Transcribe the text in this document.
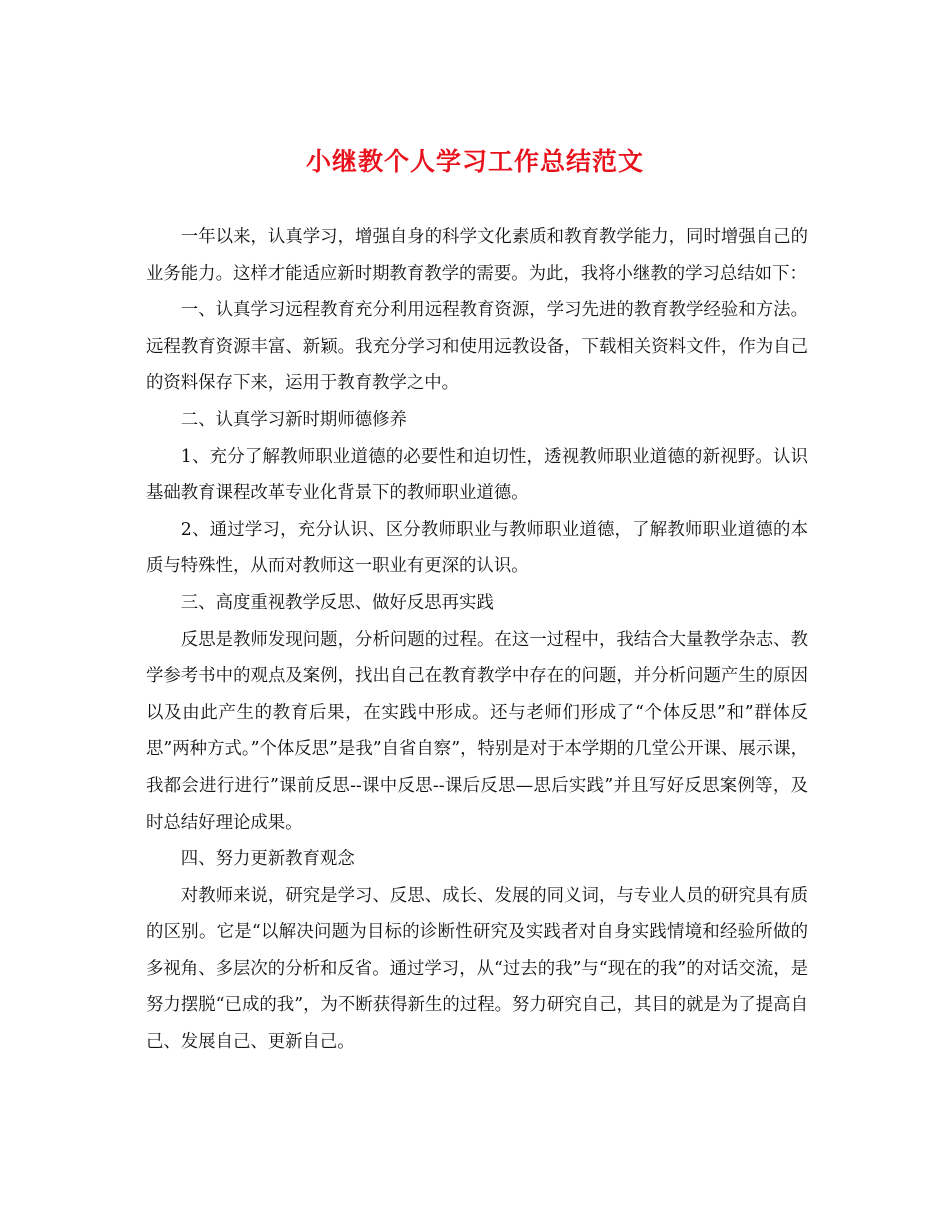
小继教个人学习工作总结范文

一年以来，认真学习，增强自身的科学文化素质和教育教学能力，同时增强自己的业务能力。这样才能适应新时期教育教学的需要。为此，我将小继教的学习总结如下：

一、认真学习远程教育充分利用远程教育资源，学习先进的教育教学经验和方法。远程教育资源丰富、新颖。我充分学习和使用远教设备，下载相关资料文件，作为自己的资料保存下来，运用于教育教学之中。

二、认真学习新时期师德修养

1、充分了解教师职业道德的必要性和迫切性，透视教师职业道德的新视野。认识基础教育课程改革专业化背景下的教师职业道德。

2、通过学习，充分认识、区分教师职业与教师职业道德，了解教师职业道德的本质与特殊性，从而对教师这一职业有更深的认识。

三、高度重视教学反思、做好反思再实践

反思是教师发现问题，分析问题的过程。在这一过程中，我结合大量教学杂志、教学参考书中的观点及案例，找出自己在教育教学中存在的问题，并分析问题产生的原因以及由此产生的教育后果，在实践中形成。还与老师们形成了“个体反思”和”群体反思”两种方式。”个体反思”是我”自省自察”，特别是对于本学期的几堂公开课、展示课，我都会进行进行”课前反思--课中反思--课后反思—思后实践”并且写好反思案例等，及时总结好理论成果。

四、努力更新教育观念

对教师来说，研究是学习、反思、成长、发展的同义词，与专业人员的研究具有质的区别。它是“以解决问题为目标的诊断性研究及实践者对自身实践情境和经验所做的多视角、多层次的分析和反省。通过学习，从“过去的我”与“现在的我”的对话交流，是努力摆脱“已成的我”，为不断获得新生的过程。努力研究自己，其目的就是为了提高自己、发展自己、更新自己。
